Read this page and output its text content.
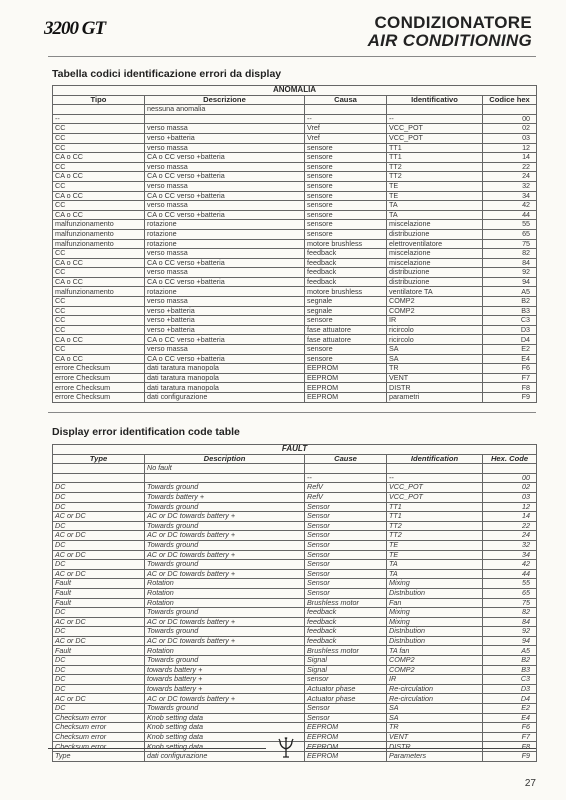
3200 GT	CONDIZIONATORE
AIR CONDITIONING
Tabella codici identificazione errori da display
ANOMALIA				
Tipo	Descrizione	Causa	Identificativo	Codice hex
	nessuna anomalia			
--		--	--	00
CC	verso massa	Vref	VCC_POT	02
CC	verso +batteria	Vref	VCC_POT	03
CC	verso massa	sensore	TT1	12
CA o CC	CA o CC verso +batteria	sensore	TT1	14
CC	verso massa	sensore	TT2	22
CA o CC	CA o CC verso +batteria	sensore	TT2	24
CC	verso massa	sensore	TE	32
CA o CC	CA o CC verso +batteria	sensore	TE	34
CC	verso massa	sensore	TA	42
CA o CC	CA o CC verso +batteria	sensore	TA	44
malfunzionamento	rotazione	sensore	miscelazione	55
malfunzionamento	rotazione	sensore	distribuzione	65
malfunzionamento	rotazione	motore brushless	elettroventilatore	75
CC	verso massa	feedback	miscelazione	82
CA o CC	CA o CC verso +batteria	feedback	miscelazione	84
CC	verso massa	feedback	distribuzione	92
CA o CC	CA o CC verso +batteria	feedback	distribuzione	94
malfunzionamento	rotazione	motore brushless	ventilatore TA	A5
CC	verso massa	segnale	COMP2	B2
CC	verso +batteria	segnale	COMP2	B3
CC	verso +batteria	sensore	IR	C3
CC	verso +batteria	fase attuatore	ricircolo	D3
CA o CC	CA o CC verso +batteria	fase attuatore	ricircolo	D4
CC	verso massa	sensore	SA	E2
CA o CC	CA o CC verso +batteria	sensore	SA	E4
errore Checksum	dati taratura manopola	EEPROM	TR	F6
errore Checksum	dati taratura manopola	EEPROM	VENT	F7
errore Checksum	dati taratura manopola	EEPROM	DISTR	F8
errore Checksum	dati configurazione	EEPROM	parametri	F9
Display error identification code table
FAULT				
Type	Description	Cause	Identification	Hex. Code
	No fault			
		--	--	00
DC	Towards ground	RefV	VCC_POT	02
DC	Towards battery +	RefV	VCC_POT	03
DC	Towards ground	Sensor	TT1	12
AC or DC	AC or DC towards battery +	Sensor	TT1	14
DC	Towards ground	Sensor	TT2	22
AC or DC	AC or DC towards battery +	Sensor	TT2	24
DC	Towards ground	Sensor	TE	32
AC or DC	AC or DC towards battery +	Sensor	TE	34
DC	Towards ground	Sensor	TA	42
AC or DC	AC or DC towards battery +	Sensor	TA	44
Fault	Rotation	Sensor	Mixing	55
Fault	Rotation	Sensor	Distribution	65
Fault	Rotation	Brushless motor	Fan	75
DC	Towards ground	feedback	Mixing	82
AC or DC	AC or DC towards battery +	feedback	Mixing	84
DC	Towards ground	feedback	Distribution	92
AC or DC	AC or DC towards battery +	feedback	Distribution	94
Fault	Rotation	Brushless motor	TA fan	A5
DC	Towards ground	Signal	COMP2	B2
DC	towards battery +	Signal	COMP2	B3
DC	towards battery +	sensor	IR	C3
DC	towards battery +	Actuator phase	Re-circulation	D3
AC or DC	AC or DC towards battery +	Actuator phase	Re-circulation	D4
DC	Towards ground	Sensor	SA	E2
Checksum error	Knob setting data	Sensor	SA	E4
Checksum error	Knob setting data	EEPROM	TR	F6
Checksum error	Knob setting data	EEPROM	VENT	F7
Checksum error	Knob setting data	EEPROM	DISTR	F8
Type	dati configurazione	EEPROM	Parameters	F9
27
